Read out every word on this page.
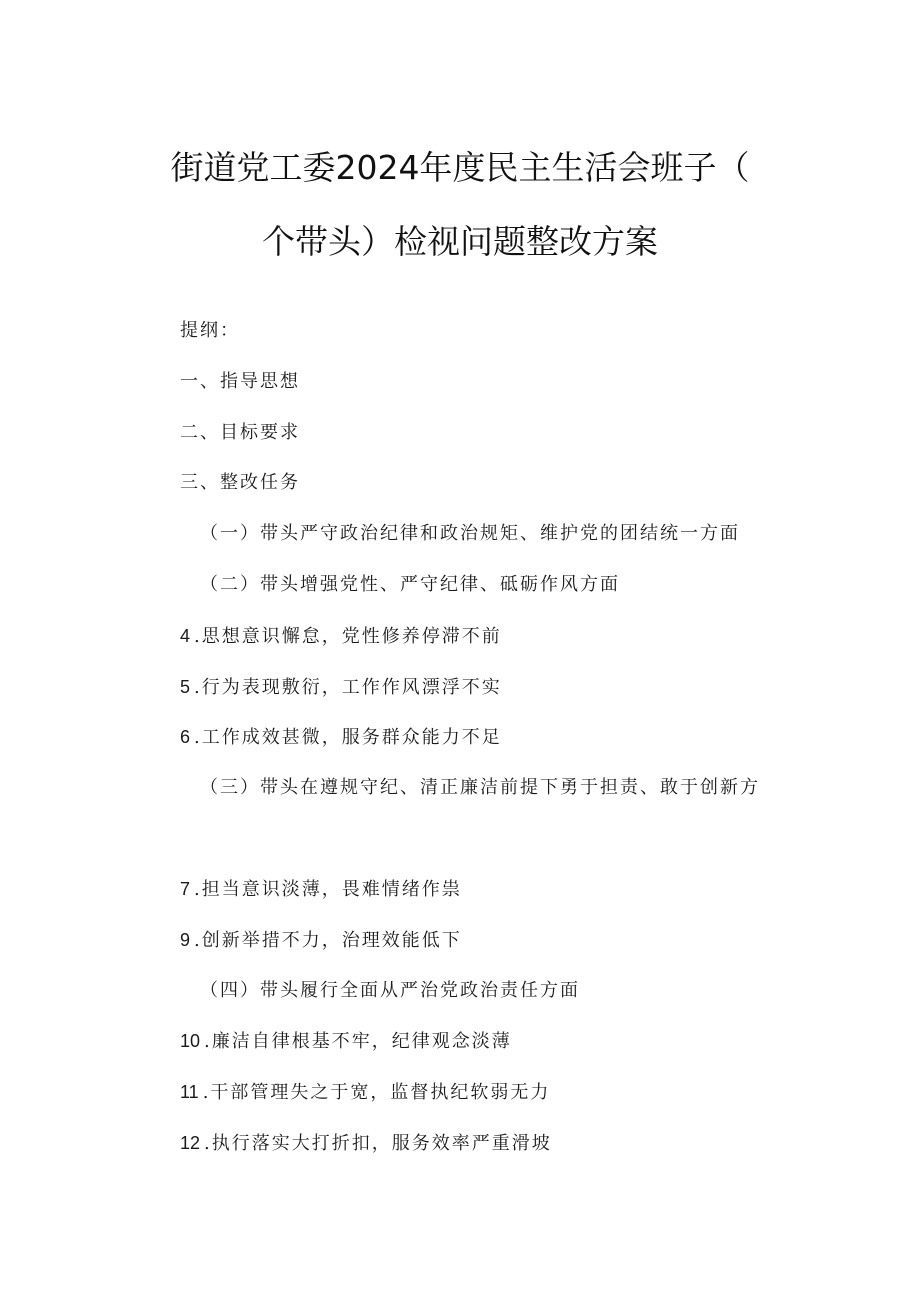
街道党工委2024年度民主生活会班子（
个带头）检视问题整改方案
提纲：
一、指导思想
二、目标要求
三、整改任务
（一）带头严守政治纪律和政治规矩、维护党的团结统一方面
（二）带头增强党性、严守纪律、砥砺作风方面
4 .思想意识懈怠，党性修养停滞不前
5 .行为表现敷衍，工作作风漂浮不实
6 .工作成效甚微，服务群众能力不足
（三）带头在遵规守纪、清正廉洁前提下勇于担责、敢于创新方
7 .担当意识淡薄，畏难情绪作祟
9 .创新举措不力，治理效能低下
（四）带头履行全面从严治党政治责任方面
10 .廉洁自律根基不牢，纪律观念淡薄
11 .干部管理失之于宽，监督执纪软弱无力
12 .执行落实大打折扣，服务效率严重滑坡
